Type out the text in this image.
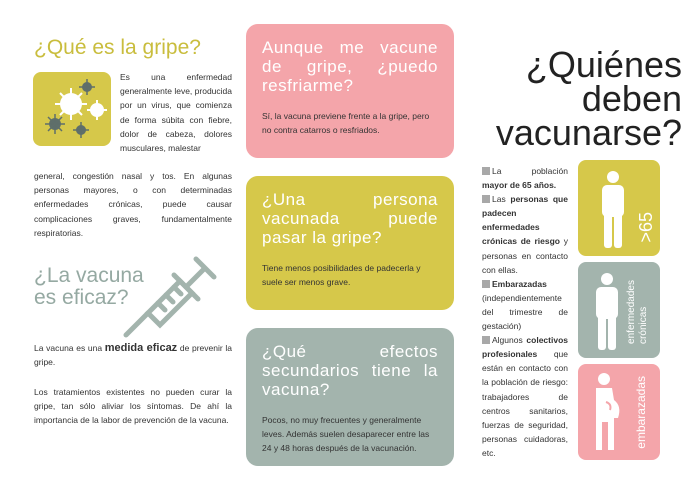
¿Qué es la gripe?
Es una enfermedad generalmente leve, producida por un virus, que comienza de forma súbita con fiebre, dolor de cabeza, dolores musculares, malestar
general, congestión nasal y tos. En algunas personas mayores, o con determinadas enfermedades crónicas, puede causar complicaciones graves, fundamentalmente respiratorias.
¿La vacuna
es eficaz?
La vacuna es una medida eficaz de prevenir la gripe.
Los tratamientos existentes no pueden curar la gripe, tan sólo aliviar los síntomas. De ahí la importancia de la labor de prevención de la vacuna.
Aunque me vacune de gripe, ¿puedo resfriarme?
Sí, la vacuna previene frente a la gripe, pero no contra catarros o resfriados.
¿Una persona vacunada puede pasar la gripe?
Tiene menos posibilidades de padecerla y suele ser menos grave.
¿Qué efectos secundarios tiene la vacuna?
Pocos, no muy frecuentes y generalmente leves. Además suelen desaparecer entre las 24 y 48 horas después de la vacunación.
¿Quiénes
deben
vacunarse?
La población mayor de 65 años.
Las personas que padecen enfermedades crónicas de riesgo y personas en contacto con ellas.
Embarazadas (independientemente del trimestre de gestación)
Algunos colectivos profesionales que están en contacto con la población de riesgo: trabajadores de centros sanitarios, fuerzas de seguridad, personas cuidadoras, etc.
>65
enfermedades
crónicas
embarazadas
